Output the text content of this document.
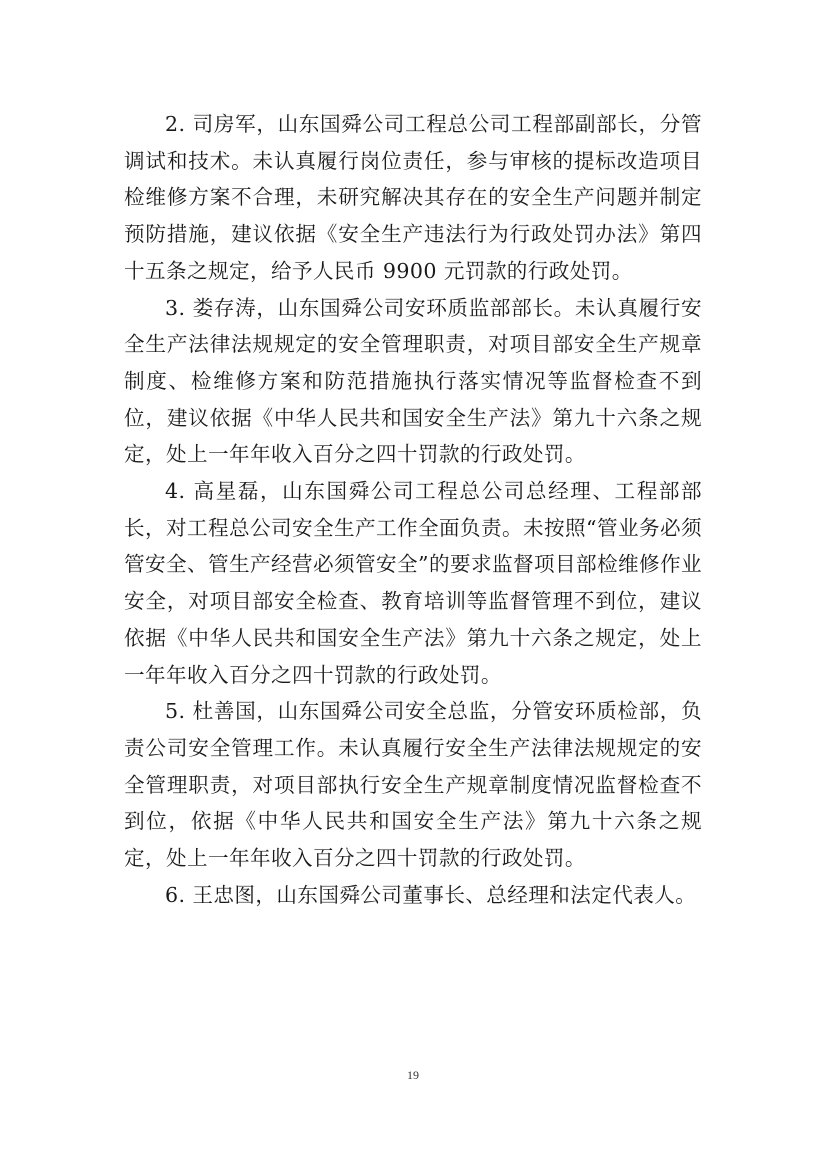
2. 司房军，山东国舜公司工程总公司工程部副部长，分管调试和技术。未认真履行岗位责任，参与审核的提标改造项目检维修方案不合理，未研究解决其存在的安全生产问题并制定预防措施，建议依据《安全生产违法行为行政处罚办法》第四十五条之规定，给予人民币 9900 元罚款的行政处罚。

3. 娄存涛，山东国舜公司安环质监部部长。未认真履行安全生产法律法规规定的安全管理职责，对项目部安全生产规章制度、检维修方案和防范措施执行落实情况等监督检查不到位，建议依据《中华人民共和国安全生产法》第九十六条之规定，处上一年年收入百分之四十罚款的行政处罚。

4. 高星磊，山东国舜公司工程总公司总经理、工程部部长，对工程总公司安全生产工作全面负责。未按照“管业务必须管安全、管生产经营必须管安全”的要求监督项目部检维修作业安全，对项目部安全检查、教育培训等监督管理不到位，建议依据《中华人民共和国安全生产法》第九十六条之规定，处上一年年收入百分之四十罚款的行政处罚。

5. 杜善国，山东国舜公司安全总监，分管安环质检部，负责公司安全管理工作。未认真履行安全生产法律法规规定的安全管理职责，对项目部执行安全生产规章制度情况监督检查不到位，依据《中华人民共和国安全生产法》第九十六条之规定，处上一年年收入百分之四十罚款的行政处罚。

6. 王忠图，山东国舜公司董事长、总经理和法定代表人。

19
